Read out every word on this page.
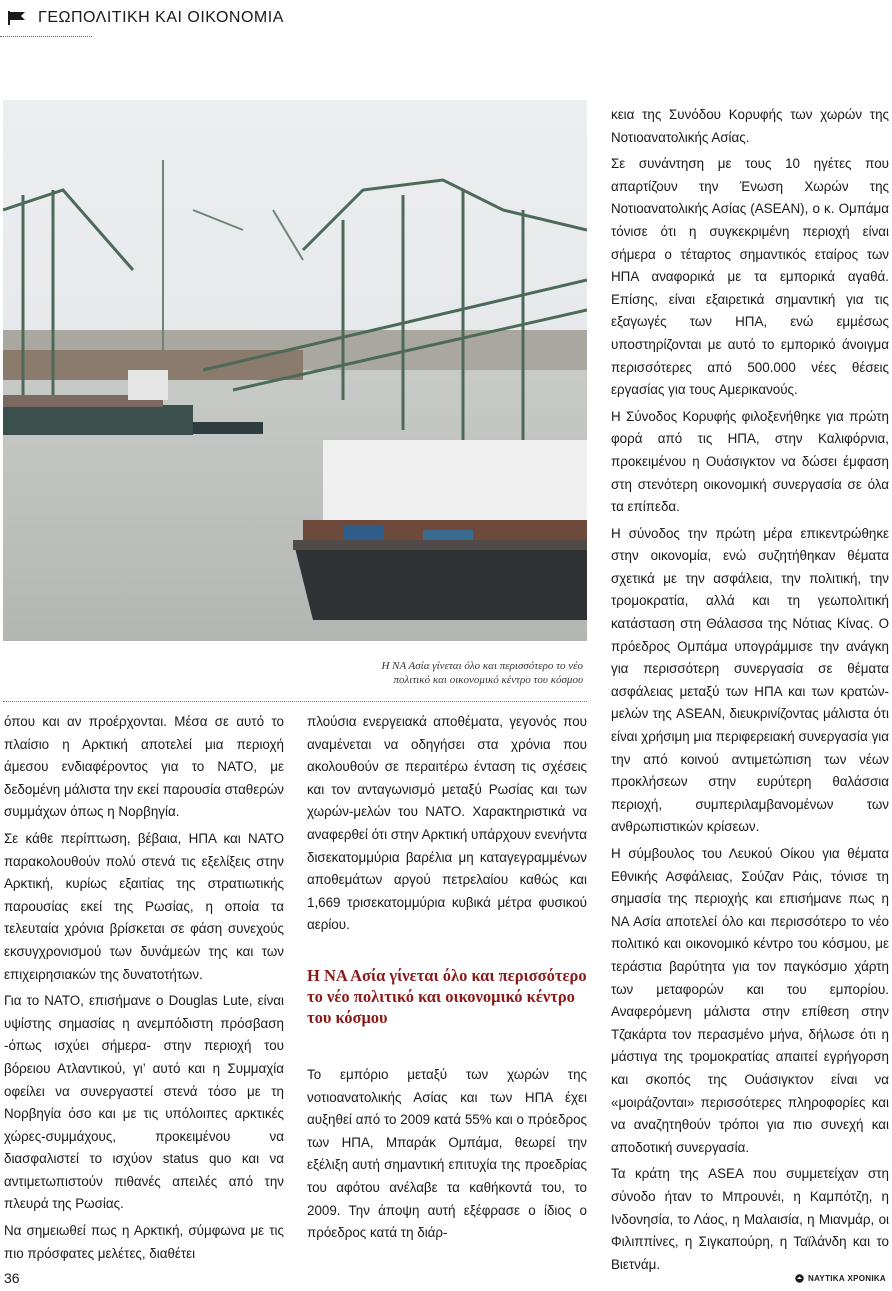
ΓΕΩΠΟΛΙΤΙΚΗ ΚΑΙ ΟΙΚΟΝΟΜΙΑ
Η ΝΑ Ασία γίνεται όλο και περισσότερο το νέο
πολιτικό και οικονομικό κέντρο του κόσμου

όπου και αν προέρχονται. Μέσα σε αυτό το πλαίσιο η Αρκτική αποτελεί μια περιοχή άμεσου ενδιαφέροντος για το ΝΑΤΟ, με δεδομένη μάλιστα την εκεί παρουσία σταθερών συμμάχων όπως η Νορβηγία.

Σε κάθε περίπτωση, βέβαια, ΗΠΑ και ΝΑΤΟ παρακολουθούν πολύ στενά τις εξελίξεις στην Αρκτική, κυρίως εξαιτίας της στρατιωτικής παρουσίας εκεί της Ρωσίας, η οποία τα τελευταία χρόνια βρίσκεται σε φάση συνεχούς εκσυγχρονισμού των δυνάμεών της και των επιχειρησιακών της δυνατοτήτων.

Για το ΝΑΤΟ, επισήμανε ο Douglas Lute, είναι υψίστης σημασίας η ανεμπόδιστη πρόσβαση -όπως ισχύει σήμερα- στην περιοχή του βόρειου Ατλαντικού, γι’ αυτό και η Συμμαχία οφείλει να συνεργαστεί στενά τόσο με τη Νορβηγία όσο και με τις υπόλοιπες αρκτικές χώρες-συμμάχους, προκειμένου να διασφαλιστεί το ισχύον status quo και να αντιμετωπιστούν πιθανές απειλές από την πλευρά της Ρωσίας.

Να σημειωθεί πως η Αρκτική, σύμφωνα με τις πιο πρόσφατες μελέτες, διαθέτει

πλούσια ενεργειακά αποθέματα, γεγονός που αναμένεται να οδηγήσει στα χρόνια που ακολουθούν σε περαιτέρω ένταση τις σχέσεις και τον ανταγωνισμό μεταξύ Ρωσίας και των χωρών-μελών του ΝΑΤΟ. Χαρακτηριστικά να αναφερθεί ότι στην Αρκτική υπάρχουν ενενήντα δισεκατομμύρια βαρέλια μη καταγεγραμμένων αποθεμάτων αργού πετρελαίου καθώς και 1,669 τρισεκατομμύρια κυβικά μέτρα φυσικού αερίου.

Η ΝΑ Ασία γίνεται όλο και περισσότερο το νέο πολιτικό και οικονομικό κέντρο του κόσμου

Το εμπόριο μεταξύ των χωρών της νοτιοανατολικής Ασίας και των ΗΠΑ έχει αυξηθεί από το 2009 κατά 55% και ο πρόεδρος των ΗΠΑ, Μπαράκ Ομπάμα, θεωρεί την εξέλιξη αυτή σημαντική επιτυχία της προεδρίας του αφότου ανέλαβε τα καθήκοντά του, το 2009. Την άποψη αυτή εξέφρασε ο ίδιος ο πρόεδρος κατά τη διάρ-

κεια της Συνόδου Κορυφής των χωρών της Νοτιοανατολικής Ασίας.

Σε συνάντηση με τους 10 ηγέτες που απαρτίζουν την Ένωση Χωρών της Νοτιοανατολικής Ασίας (ASEAN), ο κ. Ομπάμα τόνισε ότι η συγκεκριμένη περιοχή είναι σήμερα ο τέταρτος σημαντικός εταίρος των ΗΠΑ αναφορικά με τα εμπορικά αγαθά. Επίσης, είναι εξαιρετικά σημαντική για τις εξαγωγές των ΗΠΑ, ενώ εμμέσως υποστηρίζονται με αυτό το εμπορικό άνοιγμα περισσότερες από 500.000 νέες θέσεις εργασίας για τους Αμερικανούς.

Η Σύνοδος Κορυφής φιλοξενήθηκε για πρώτη φορά από τις ΗΠΑ, στην Καλιφόρνια, προκειμένου η Ουάσιγκτον να δώσει έμφαση στη στενότερη οικονομική συνεργασία σε όλα τα επίπεδα.

Η σύνοδος την πρώτη μέρα επικεντρώθηκε στην οικονομία, ενώ συζητήθηκαν θέματα σχετικά με την ασφάλεια, την πολιτική, την τρομοκρατία, αλλά και τη γεωπολιτική κατάσταση στη Θάλασσα της Νότιας Κίνας. Ο πρόεδρος Ομπάμα υπογράμμισε την ανάγκη για περισσότερη συνεργασία σε θέματα ασφάλειας μεταξύ των ΗΠΑ και των κρατών-μελών της ASEAN, διευκρινίζοντας μάλιστα ότι είναι χρήσιμη μια περιφερειακή συνεργασία για την από κοινού αντιμετώπιση των νέων προκλήσεων στην ευρύτερη θαλάσσια περιοχή, συμπεριλαμβανομένων των ανθρωπιστικών κρίσεων.

Η σύμβουλος του Λευκού Οίκου για θέματα Εθνικής Ασφάλειας, Σούζαν Ράις, τόνισε τη σημασία της περιοχής και επισήμανε πως η ΝΑ Ασία αποτελεί όλο και περισσότερο το νέο πολιτικό και οικονομικό κέντρο του κόσμου, με τεράστια βαρύτητα για τον παγκόσμιο χάρτη των μεταφορών και του εμπορίου. Αναφερόμενη μάλιστα στην επίθεση στην Τζακάρτα τον περασμένο μήνα, δήλωσε ότι η μάστιγα της τρομοκρατίας απαιτεί εγρήγορση και σκοπός της Ουάσιγκτον είναι να «μοιράζονται» περισσότερες πληροφορίες και να αναζητηθούν τρόποι για πιο συνεχή και αποδοτική συνεργασία.

Τα κράτη της ASEA που συμμετείχαν στη σύνοδο ήταν το Μπρουνέι, η Καμπότζη, η Ινδονησία, το Λάος, η Μαλαισία, η Μιανμάρ, οι Φιλιππίνες, η Σιγκαπούρη, η Ταϊλάνδη και το Βιετνάμ.

36	ΝΑΥΤΙΚΑ ΧΡΟΝΙΚΑ
